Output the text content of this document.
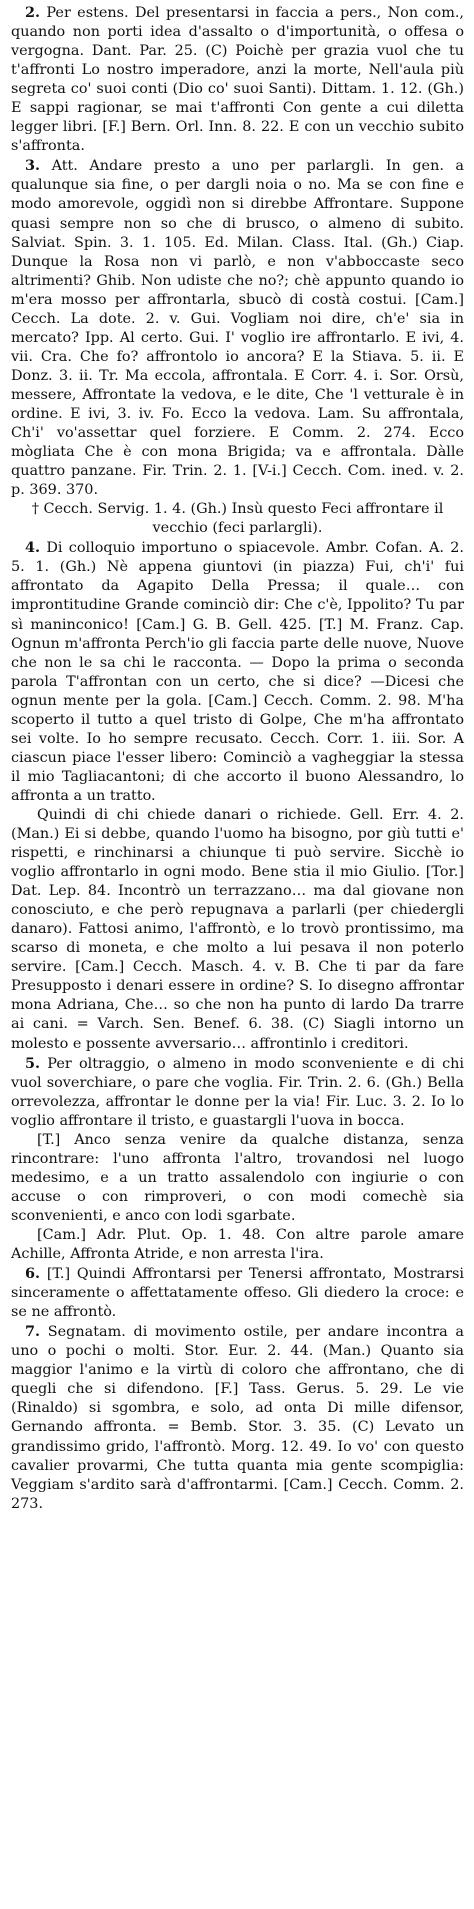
2. Per estens. Del presentarsi in faccia a pers., Non com., quando non porti idea d'assalto o d'importunità, o offesa o vergogna. Dant. Par. 25. (C) Poichè per grazia vuol che tu t'affronti Lo nostro imperadore, anzi la morte, Nell'aula più segreta co' suoi conti (Dio co' suoi Santi). Dittam. 1. 12. (Gh.) E sappi ragionar, se mai t'affronti Con gente a cui diletta legger libri. [F.] Bern. Orl. Inn. 8. 22. E con un vecchio subito s'affronta.

3. Att. Andare presto a uno per parlargli. In gen. a qualunque sia fine, o per dargli noia o no. Ma se con fine e modo amorevole, oggidì non si direbbe Affrontare. Suppone quasi sempre non so che di brusco, o almeno di subito. Salviat. Spin. 3. 1. 105. Ed. Milan. Class. Ital. (Gh.) Ciap. Dunque la Rosa non vi parlò, e non v'abboccaste seco altrimenti? Ghib. Non udiste che no?; chè appunto quando io m'era mosso per affrontarla, sbucò di costà costui. [Cam.] Cecch. La dote. 2. v. Gui. Vogliam noi dire, ch'e' sia in mercato? Ipp. Al certo. Gui. I' voglio ire affrontarlo. E ivi, 4. vii. Cra. Che fo? affrontolo io ancora? E la Stiava. 5. ii. E Donz. 3. ii. Tr. Ma eccola, affrontala. E Corr. 4. i. Sor. Orsù, messere, Affrontate la vedova, e le dite, Che 'l vetturale è in ordine. E ivi, 3. iv. Fo. Ecco la vedova. Lam. Su affrontala, Ch'i' vo'assettar quel forziere. E Comm. 2. 274. Ecco mògliata Che è con mona Brigida; va e affrontala. Dàlle quattro panzane. Fir. Trin. 2. 1. [V-i.] Cecch. Com. ined. v. 2. p. 369. 370.

† Cecch. Servig. 1. 4. (Gh.) Insù questo Feci affrontare il vecchio (feci parlargli).

4. Di colloquio importuno o spiacevole. Ambr. Cofan. A. 2. 5. 1. (Gh.) Nè appena giuntovi (in piazza) Fui, ch'i' fui affrontato da Agapito Della Pressa; il quale… con improntitudine Grande cominciò dir: Che c'è, Ippolito? Tu par sì maninconico! [Cam.] G. B. Gell. 425. [T.] M. Franz. Cap. Ognun m'affronta Perch'io gli faccia parte delle nuove, Nuove che non le sa chi le racconta. — Dopo la prima o seconda parola T'affrontan con un certo, che si dice? —Dicesi che ognun mente per la gola. [Cam.] Cecch. Comm. 2. 98. M'ha scoperto il tutto a quel tristo di Golpe, Che m'ha affrontato sei volte. Io ho sempre recusato. Cecch. Corr. 1. iii. Sor. A ciascun piace l'esser libero: Cominciò a vagheggiar la stessa il mio Tagliacantoni; di che accorto il buono Alessandro, lo affronta a un tratto.

Quindi di chi chiede danari o richiede. Gell. Err. 4. 2. (Man.) Ei si debbe, quando l'uomo ha bisogno, por giù tutti e' rispetti, e rinchinarsi a chiunque ti può servire. Sicchè io voglio affrontarlo in ogni modo. Bene stia il mio Giulio. [Tor.] Dat. Lep. 84. Incontrò un terrazzano… ma dal giovane non conosciuto, e che però repugnava a parlarli (per chiedergli danaro). Fattosi animo, l'affrontò, e lo trovò prontissimo, ma scarso di moneta, e che molto a lui pesava il non poterlo servire. [Cam.] Cecch. Masch. 4. v. B. Che ti par da fare Presupposto i denari essere in ordine? S. Io disegno affrontar mona Adriana, Che… so che non ha punto di lardo Da trarre ai cani. = Varch. Sen. Benef. 6. 38. (C) Siagli intorno un molesto e possente avversario… affrontinlo i creditori.

5. Per oltraggio, o almeno in modo sconveniente e di chi vuol soverchiare, o pare che voglia. Fir. Trin. 2. 6. (Gh.) Bella orrevolezza, affrontar le donne per la via! Fir. Luc. 3. 2. Io lo voglio affrontare il tristo, e guastargli l'uova in bocca.

[T.] Anco senza venire da qualche distanza, senza rincontrare: l'uno affronta l'altro, trovandosi nel luogo medesimo, e a un tratto assalendolo con ingiurie o con accuse o con rimproveri, o con modi comechè sia sconvenienti, e anco con lodi sgarbate.

[Cam.] Adr. Plut. Op. 1. 48. Con altre parole amare Achille, Affronta Atride, e non arresta l'ira.

6. [T.] Quindi Affrontarsi per Tenersi affrontato, Mostrarsi sinceramente o affettatamente offeso. Gli diedero la croce: e se ne affrontò.

7. Segnatam. di movimento ostile, per andare incontra a uno o pochi o molti. Stor. Eur. 2. 44. (Man.) Quanto sia maggior l'animo e la virtù di coloro che affrontano, che di quegli che si difendono. [F.] Tass. Gerus. 5. 29. Le vie (Rinaldo) si sgombra, e solo, ad onta Di mille difensor, Gernando affronta. = Bemb. Stor. 3. 35. (C) Levato un grandissimo grido, l'affrontò. Morg. 12. 49. Io vo' con questo cavalier provarmi, Che tutta quanta mia gente scompiglia: Veggiam s'ardito sarà d'affrontarmi. [Cam.] Cecch. Comm. 2. 273.
